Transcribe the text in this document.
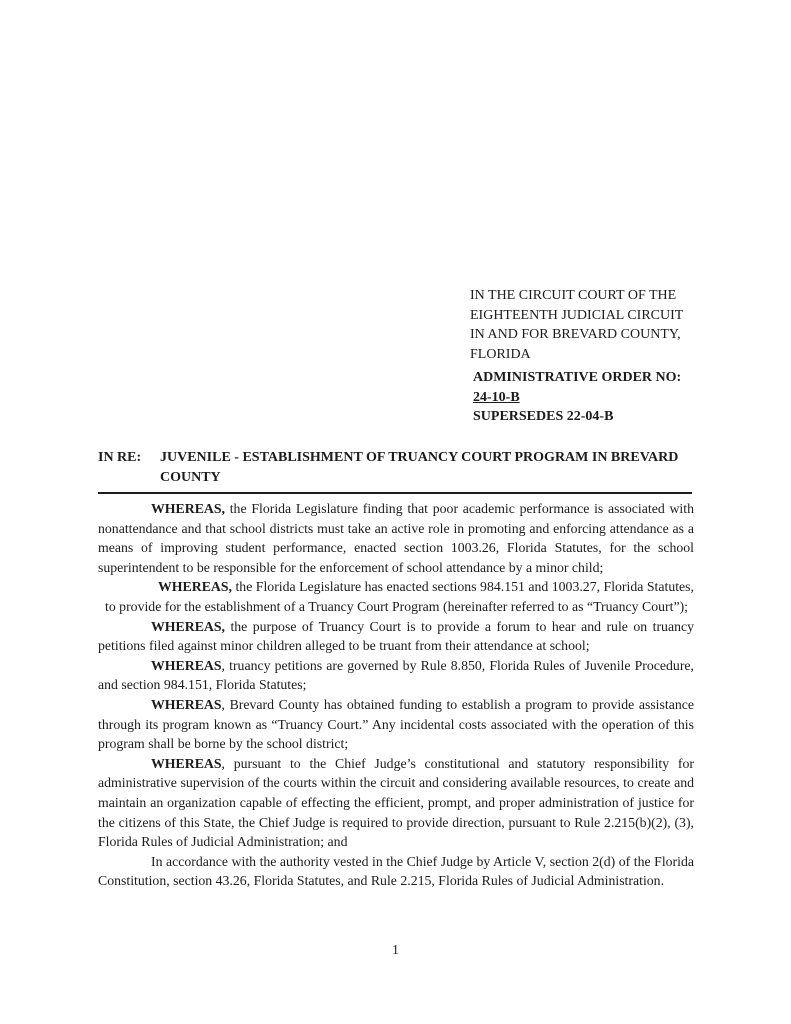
IN THE CIRCUIT COURT OF THE
EIGHTEENTH JUDICIAL CIRCUIT
IN AND FOR BREVARD COUNTY,
FLORIDA
ADMINISTRATIVE ORDER NO:
24-10-B
SUPERSEDES 22-04-B
IN RE:	JUVENILE - ESTABLISHMENT OF TRUANCY COURT PROGRAM IN BREVARD COUNTY

WHEREAS, the Florida Legislature finding that poor academic performance is associated with nonattendance and that school districts must take an active role in promoting and enforcing attendance as a means of improving student performance, enacted section 1003.26, Florida Statutes, for the school superintendent to be responsible for the enforcement of school attendance by a minor child;

WHEREAS, the Florida Legislature has enacted sections 984.151 and 1003.27, Florida Statutes, to provide for the establishment of a Truancy Court Program (hereinafter referred to as “Truancy Court”);

WHEREAS, the purpose of Truancy Court is to provide a forum to hear and rule on truancy petitions filed against minor children alleged to be truant from their attendance at school;

WHEREAS, truancy petitions are governed by Rule 8.850, Florida Rules of Juvenile Procedure, and section 984.151, Florida Statutes;

WHEREAS, Brevard County has obtained funding to establish a program to provide assistance through its program known as “Truancy Court.” Any incidental costs associated with the operation of this program shall be borne by the school district;

WHEREAS, pursuant to the Chief Judge’s constitutional and statutory responsibility for administrative supervision of the courts within the circuit and considering available resources, to create and maintain an organization capable of effecting the efficient, prompt, and proper administration of justice for the citizens of this State, the Chief Judge is required to provide direction, pursuant to Rule 2.215(b)(2), (3), Florida Rules of Judicial Administration; and

In accordance with the authority vested in the Chief Judge by Article V, section 2(d) of the Florida Constitution, section 43.26, Florida Statutes, and Rule 2.215, Florida Rules of Judicial Administration.

1
